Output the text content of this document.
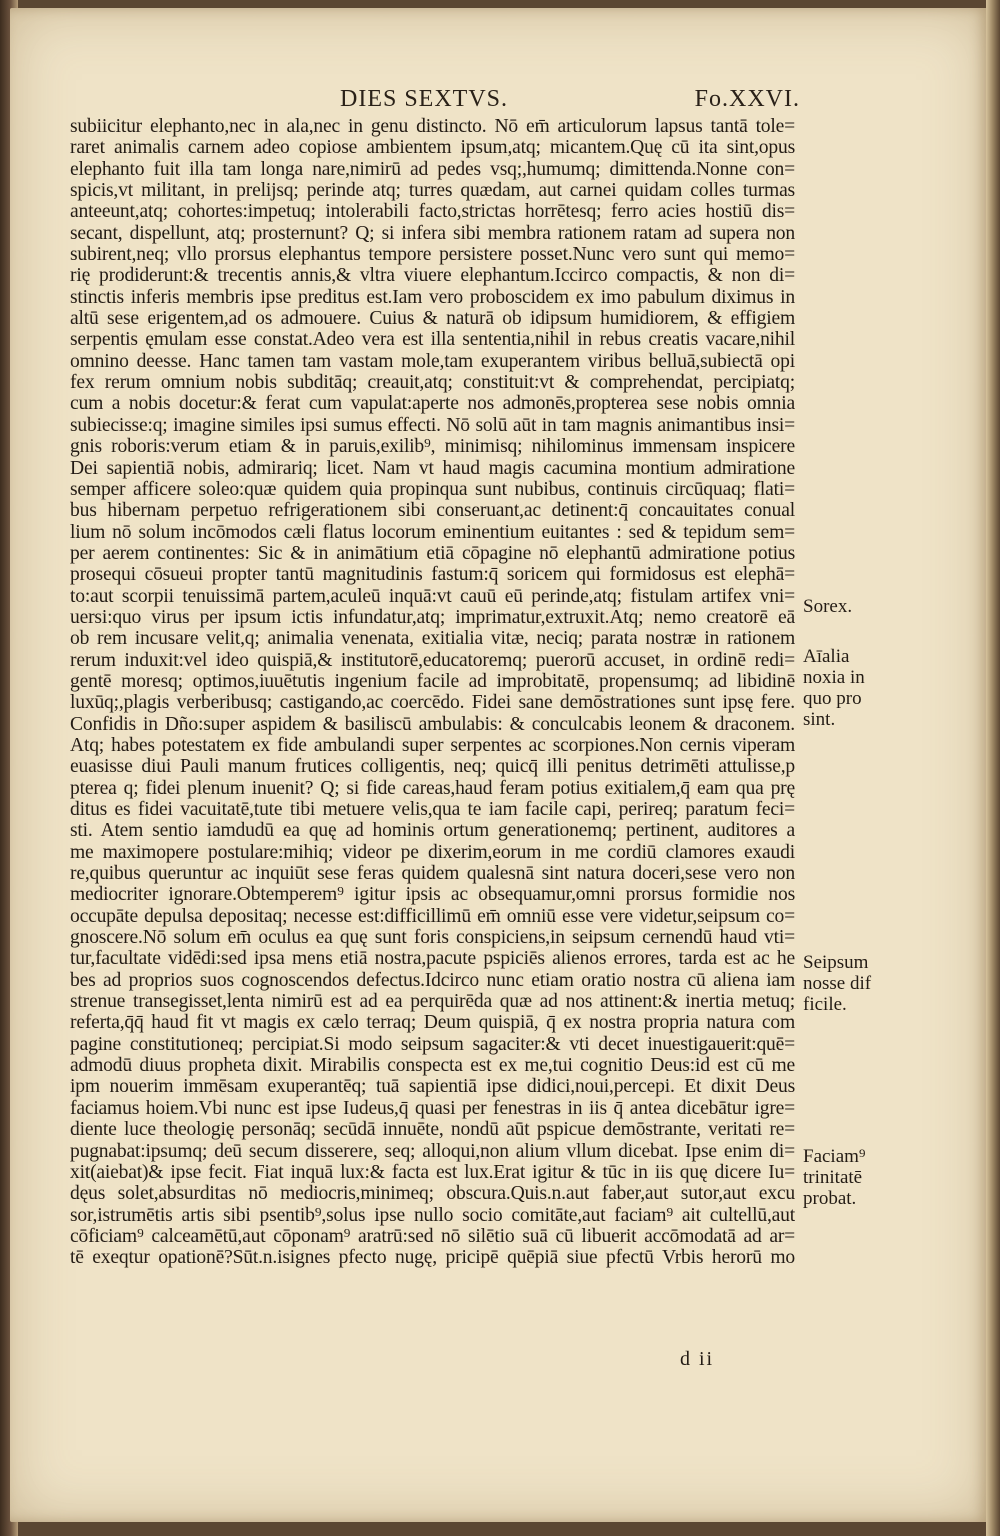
DIES SEXTVS.	Fo.XXVI.
subiicitur elephanto,nec in ala,nec in genu distincto. Nō em̄ articulorum lapsus tantā tole=
raret animalis carnem adeo copiose ambientem ipsum,atq; micantem.Quę cū ita sint,opus
elephanto fuit illa tam longa nare,nimirū ad pedes vsq;,humumq; dimittenda.Nonne con=
spicis,vt militant, in prelijsq; perinde atq; turres quædam, aut carnei quidam colles turmas
anteeunt,atq; cohortes:impetuq; intolerabili facto,strictas horrētesq; ferro acies hostiū dis=
secant, dispellunt, atq; prosternunt? Q; si infera sibi membra rationem ratam ad supera non
subirent,neq; vllo prorsus elephantus tempore persistere posset.Nunc vero sunt qui memo=
rię prodiderunt:& trecentis annis,& vltra viuere elephantum.Iccirco compactis, & non di=
stinctis inferis membris ipse preditus est.Iam vero proboscidem ex imo pabulum diximus in
altū sese erigentem,ad os admouere. Cuius & naturā ob idipsum humidiorem, & effigiem
serpentis ęmulam esse constat.Adeo vera est illa sententia,nihil in rebus creatis vacare,nihil
omnino deesse. Hanc tamen tam vastam mole,tam exuperantem viribus belluā,subiectā opi
fex rerum omnium nobis subditāq; creauit,atq; constituit:vt & comprehendat, percipiatq;
cum a nobis docetur:& ferat cum vapulat:aperte nos admonēs,propterea sese nobis omnia
subiecisse:q; imagine similes ipsi sumus effecti. Nō solū aūt in tam magnis animantibus insi=
gnis roboris:verum etiam & in paruis,exilib⁹, minimisq; nihilominus immensam inspicere
Dei sapientiā nobis, admirariq; licet. Nam vt haud magis cacumina montium admiratione
semper afficere soleo:quæ quidem quia propinqua sunt nubibus, continuis circūquaq; flati=
bus hibernam perpetuo refrigerationem sibi conseruant,ac detinent:q̄ concauitates conual
lium nō solum incōmodos cæli flatus locorum eminentium euitantes : sed & tepidum sem=
per aerem continentes: Sic & in animātium etiā cōpagine nō elephantū admiratione potius
prosequi cōsueui propter tantū magnitudinis fastum:q̄ soricem qui formidosus est elephā=
to:aut scorpii tenuissimā partem,aculeū inquā:vt cauū eū perinde,atq; fistulam artifex vni=
uersi:quo virus per ipsum ictis infundatur,atq; imprimatur,extruxit.Atq; nemo creatorē eā
ob rem incusare velit,q; animalia venenata, exitialia vitæ, neciq; parata nostræ in rationem
rerum induxit:vel ideo quispiā,& institutorē,educatoremq; puerorū accuset, in ordinē redi=
gentē moresq; optimos,iuuētutis ingenium facile ad improbitatē, propensumq; ad libidinē
luxūq;,plagis verberibusq; castigando,ac coercēdo. Fidei sane demōstrationes sunt ipsę fere.
Confidis in Dño:super aspidem & basiliscū ambulabis: & conculcabis leonem & draconem.
Atq; habes potestatem ex fide ambulandi super serpentes ac scorpiones.Non cernis viperam
euasisse diui Pauli manum frutices colligentis, neq; quicq̄ illi penitus detrimēti attulisse,p
pterea q; fidei plenum inuenit? Q; si fide careas,haud feram potius exitialem,q̄ eam qua prę
ditus es fidei vacuitatē,tute tibi metuere velis,qua te iam facile capi, perireq; paratum feci=
sti. Atem sentio iamdudū ea quę ad hominis ortum generationemq; pertinent, auditores a
me maximopere postulare:mihiq; videor pe dixerim,eorum in me cordiū clamores exaudi
re,quibus queruntur ac inquiūt sese feras quidem qualesnā sint natura doceri,sese vero non
mediocriter ignorare.Obtemperem⁹ igitur ipsis ac obsequamur,omni prorsus formidie nos
occupāte depulsa depositaq; necesse est:difficillimū em̄ omniū esse vere videtur,seipsum co=
gnoscere.Nō solum em̄ oculus ea quę sunt foris conspiciens,in seipsum cernendū haud vti=
tur,facultate vidēdi:sed ipsa mens etiā nostra,pacute pspiciēs alienos errores, tarda est ac he
bes ad proprios suos cognoscendos defectus.Idcirco nunc etiam oratio nostra cū aliena iam
strenue transegisset,lenta nimirū est ad ea perquirēda quæ ad nos attinent:& inertia metuq;
referta,q̄q̄ haud fit vt magis ex cælo terraq; Deum quispiā, q̄ ex nostra propria natura com
pagine constitutioneq; percipiat.Si modo seipsum sagaciter:& vti decet inuestigauerit:quē=
admodū diuus propheta dixit. Mirabilis conspecta est ex me,tui cognitio Deus:id est cū me
ipm nouerim immēsam exuperantēq; tuā sapientiā ipse didici,noui,percepi. Et dixit Deus
faciamus hoiem.Vbi nunc est ipse Iudeus,q̄ quasi per fenestras in iis q̄ antea dicebātur igre=
diente luce theologię personāq; secūdā innuēte, nondū aūt pspicue demōstrante, veritati re=
pugnabat:ipsumq; deū secum disserere, seq; alloqui,non alium vllum dicebat. Ipse enim di=
xit(aiebat)& ipse fecit. Fiat inquā lux:& facta est lux.Erat igitur & tūc in iis quę dicere Iu=
dęus solet,absurditas nō mediocris,minimeq; obscura.Quis.n.aut faber,aut sutor,aut excu
sor,istrumētis artis sibi psentib⁹,solus ipse nullo socio comitāte,aut faciam⁹ ait cultellū,aut
cōficiam⁹ calceamētū,aut cōponam⁹ aratrū:sed nō silētio suā cū libuerit accōmodatā ad ar=
tē exeqtur opationē?Sūt.n.isignes pfecto nugę, pricipē quēpiā siue pfectū Vrbis herorū mo
Sorex.
Aīalia
noxia in
quo pro
sint.
Seipsum
nosse dif
ficile.
Faciam⁹
trinitatē
probat.
d ii
